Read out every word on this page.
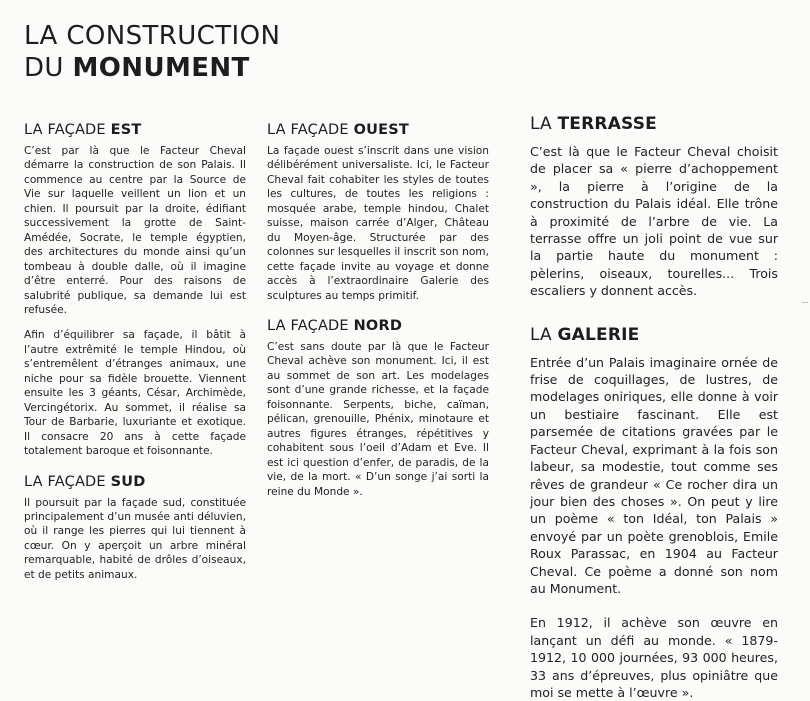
LA CONSTRUCTION
DU MONUMENT
LA FAÇADE EST

C’est par là que le Facteur Cheval démarre la construction de son Palais. Il commence au centre par la Source de Vie sur laquelle veillent un lion et un chien. Il poursuit par la droite, édifiant successivement la grotte de Saint-Amédée, Socrate, le temple égyptien, des architectures du monde ainsi qu’un tombeau à double dalle, où il imagine d’être enterré. Pour des raisons de salubrité publique, sa demande lui est refusée.

Afin d’équilibrer sa façade, il bâtit à l’autre extrêmité le temple Hindou, où s’entremêlent d’étranges animaux, une niche pour sa fidèle brouette. Viennent ensuite les 3 géants, César, Archimède, Vercingétorix. Au sommet, il réalise sa Tour de Barbarie, luxuriante et exotique. Il consacre 20 ans à cette façade totalement baroque et foisonnante.

LA FAÇADE SUD

Il poursuit par la façade sud, constituée principalement d’un musée anti déluvien, où il range les pierres qui lui tiennent à cœur. On y aperçoit un arbre minéral remarquable, habité de drôles d’oiseaux, et de petits animaux.

LA FAÇADE OUEST

La façade ouest s’inscrit dans une vision délibérément universaliste. Ici, le Facteur Cheval fait cohabiter les styles de toutes les cultures, de toutes les religions : mosquée arabe, temple hindou, Chalet suisse, maison carrée d’Alger, Château du Moyen-âge. Structurée par des colonnes sur lesquelles il inscrit son nom, cette façade invite au voyage et donne accès à l’extraordinaire Galerie des sculptures au temps primitif.

LA FAÇADE NORD

C’est sans doute par là que le Facteur Cheval achève son monument. Ici, il est au sommet de son art. Les modelages sont d’une grande richesse, et la façade foisonnante. Serpents, biche, caïman, pélican, grenouille, Phénix, minotaure et autres figures étranges, répétitives y cohabitent sous l’oeil d’Adam et Eve. Il est ici question d’enfer, de paradis, de la vie, de la mort. « D’un songe j’ai sorti la reine du Monde ».

LA TERRASSE

C’est là que le Facteur Cheval choisit de placer sa « pierre d’achoppement », la pierre à l’origine de la construction du Palais idéal. Elle trône à proximité de l’arbre de vie. La terrasse offre un joli point de vue sur la partie haute du monument : pèlerins, oiseaux, tourelles... Trois escaliers y donnent accès.

LA GALERIE

Entrée d’un Palais imaginaire ornée de frise de coquillages, de lustres, de modelages oniriques, elle donne à voir un bestiaire fascinant. Elle est parsemée de citations gravées par le Facteur Cheval, exprimant à la fois son labeur, sa modestie, tout comme ses rêves de grandeur « Ce rocher dira un jour bien des choses ». On peut y lire un poème « ton Idéal, ton Palais » envoyé par un poète grenoblois, Emile Roux Parassac, en 1904 au Facteur Cheval. Ce poème a donné son nom au Monument.

En 1912, il achève son œuvre en lançant un défi au monde. « 1879-1912, 10 000 journées, 93 000 heures, 33 ans d’épreuves, plus opiniâtre que moi se mette à l’œuvre ».
